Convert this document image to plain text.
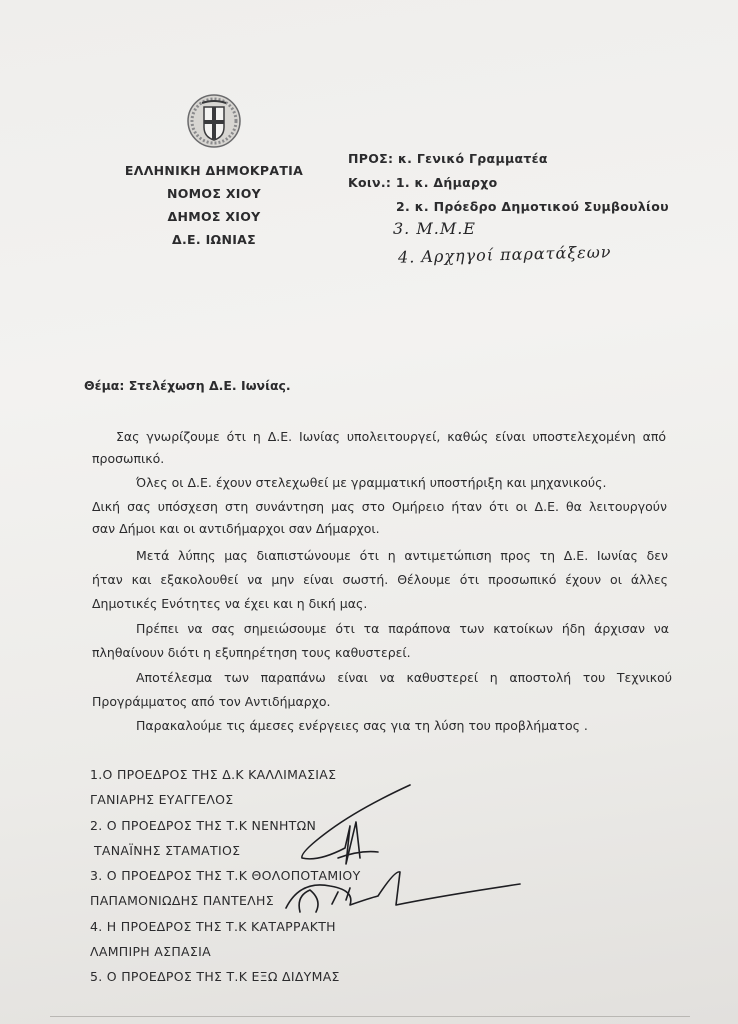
ΕΛΛΗΝΙΚΗ ΔΗΜΟΚΡΑΤΙΑ
ΝΟΜΟΣ ΧΙΟΥ
ΔΗΜΟΣ ΧΙΟΥ
Δ.Ε. ΙΩΝΙΑΣ
ΠΡΟΣ: κ. Γενικό Γραμματέα
Κοιν.: 1. κ. Δήμαρχο
2. κ. Πρόεδρο Δημοτικού Συμβουλίου
3. Μ.Μ.Ε
4. Αρχηγοί παρατάξεων
Θέμα: Στελέχωση Δ.Ε. Ιωνίας.
Σας γνωρίζουμε ότι η Δ.Ε. Ιωνίας υπολειτουργεί, καθώς είναι υποστελεχομένη από
προσωπικό.
Όλες οι Δ.Ε. έχουν στελεχωθεί με γραμματική υποστήριξη και μηχανικούς.
Δική σας υπόσχεση στη συνάντηση μας στο Ομήρειο ήταν ότι οι Δ.Ε. θα λειτουργούν
σαν Δήμοι και οι αντιδήμαρχοι σαν Δήμαρχοι.
Μετά λύπης μας διαπιστώνουμε ότι η αντιμετώπιση προς τη Δ.Ε. Ιωνίας δεν
ήταν και εξακολουθεί να μην είναι σωστή. Θέλουμε ότι προσωπικό έχουν οι άλλες
Δημοτικές Ενότητες να έχει και η δική μας.
Πρέπει να σας σημειώσουμε ότι τα παράπονα των κατοίκων ήδη άρχισαν να
πληθαίνουν διότι η εξυπηρέτηση τους καθυστερεί.
Αποτέλεσμα των παραπάνω είναι να καθυστερεί η αποστολή του Τεχνικού
Προγράμματος από τον Αντιδήμαρχο.
Παρακαλούμε τις άμεσες ενέργειες σας για τη λύση του προβλήματος .
1.Ο ΠΡΟΕΔΡΟΣ ΤΗΣ Δ.Κ ΚΑΛΛΙΜΑΣΙΑΣ
ΓΑΝΙΑΡΗΣ ΕΥΑΓΓΕΛΟΣ
2. Ο ΠΡΟΕΔΡΟΣ ΤΗΣ Τ.Κ ΝΕΝΗΤΩΝ
ΤΑΝΑΪΝΗΣ ΣΤΑΜΑΤΙΟΣ
3. Ο ΠΡΟΕΔΡΟΣ ΤΗΣ Τ.Κ ΘΟΛΟΠΟΤΑΜΙΟΥ
ΠΑΠΑΜΟΝΙΩΔΗΣ ΠΑΝΤΕΛΗΣ
4. Η ΠΡΟΕΔΡΟΣ ΤΗΣ Τ.Κ ΚΑΤΑΡΡΑΚΤΗ
ΛΑΜΠΙΡΗ ΑΣΠΑΣΙΑ
5. Ο ΠΡΟΕΔΡΟΣ ΤΗΣ Τ.Κ ΕΞΩ ΔΙΔΥΜΑΣ
